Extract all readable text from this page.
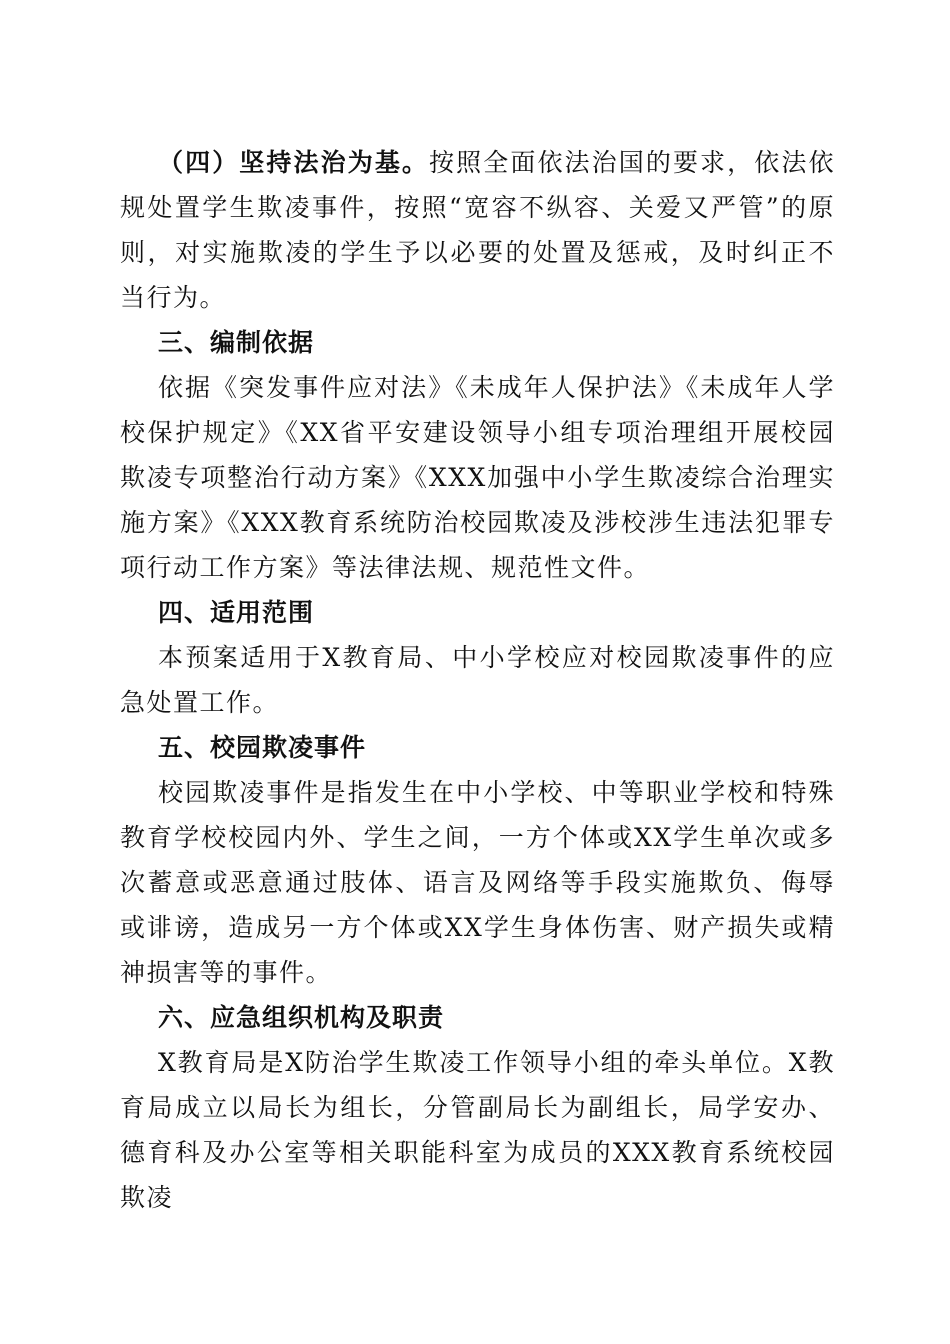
（四）坚持法治为基。按照全面依法治国的要求，依法依规处置学生欺凌事件，按照“宽容不纵容、关爱又严管”的原则，对实施欺凌的学生予以必要的处置及惩戒，及时纠正不当行为。

三、编制依据

依据《突发事件应对法》《未成年人保护法》《未成年人学校保护规定》《XX省平安建设领导小组专项治理组开展校园欺凌专项整治行动方案》《XXX加强中小学生欺凌综合治理实施方案》《XXX教育系统防治校园欺凌及涉校涉生违法犯罪专项行动工作方案》等法律法规、规范性文件。

四、适用范围

本预案适用于X教育局、中小学校应对校园欺凌事件的应急处置工作。

五、校园欺凌事件

校园欺凌事件是指发生在中小学校、中等职业学校和特殊教育学校校园内外、学生之间，一方个体或XX学生单次或多次蓄意或恶意通过肢体、语言及网络等手段实施欺负、侮辱或诽谤，造成另一方个体或XX学生身体伤害、财产损失或精神损害等的事件。

六、应急组织机构及职责

X教育局是X防治学生欺凌工作领导小组的牵头单位。X教育局成立以局长为组长，分管副局长为副组长，局学安办、德育科及办公室等相关职能科室为成员的XXX教育系统校园欺凌
